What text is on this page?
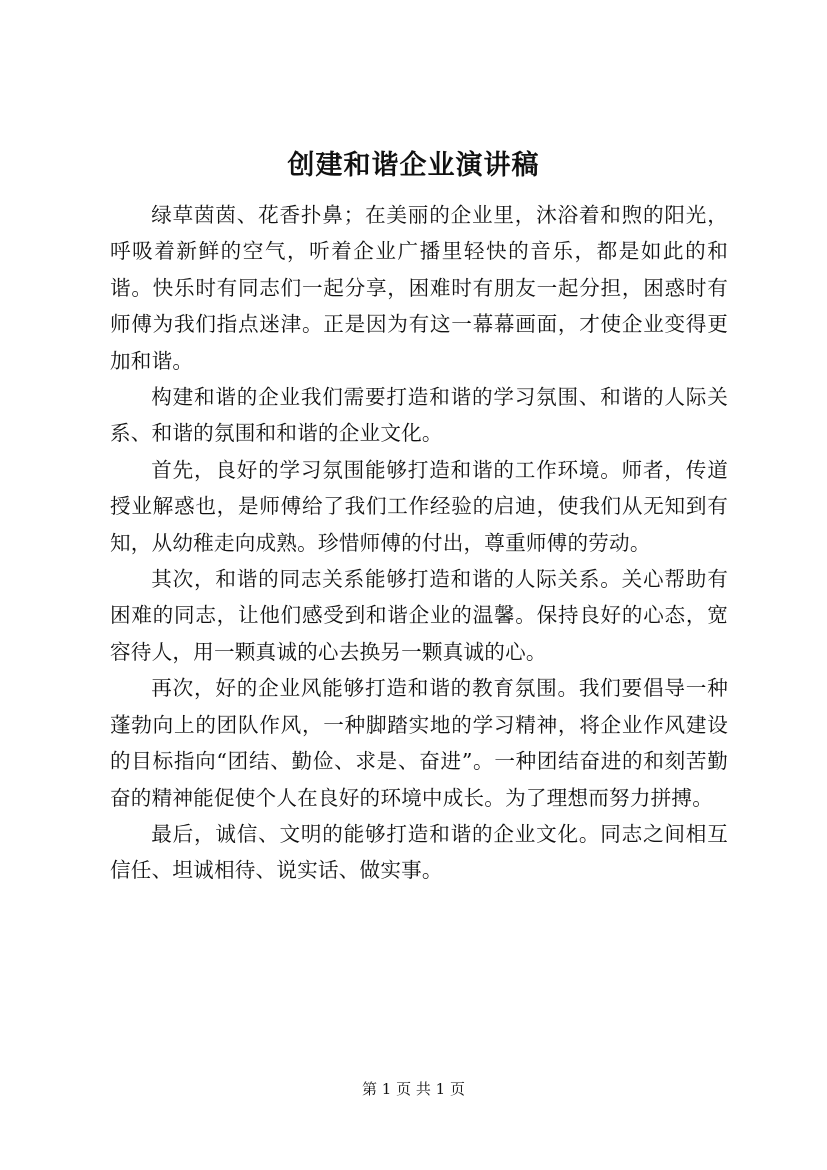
创建和谐企业演讲稿

绿草茵茵、花香扑鼻；在美丽的企业里，沐浴着和煦的阳光，呼吸着新鲜的空气，听着企业广播里轻快的音乐，都是如此的和谐。快乐时有同志们一起分享，困难时有朋友一起分担，困惑时有师傅为我们指点迷津。正是因为有这一幕幕画面，才使企业变得更加和谐。

构建和谐的企业我们需要打造和谐的学习氛围、和谐的人际关系、和谐的氛围和和谐的企业文化。

首先，良好的学习氛围能够打造和谐的工作环境。师者，传道授业解惑也，是师傅给了我们工作经验的启迪，使我们从无知到有知，从幼稚走向成熟。珍惜师傅的付出，尊重师傅的劳动。

其次，和谐的同志关系能够打造和谐的人际关系。关心帮助有困难的同志，让他们感受到和谐企业的温馨。保持良好的心态，宽容待人，用一颗真诚的心去换另一颗真诚的心。

再次，好的企业风能够打造和谐的教育氛围。我们要倡导一种蓬勃向上的团队作风，一种脚踏实地的学习精神，将企业作风建设的目标指向“团结、勤俭、求是、奋进”。一种团结奋进的和刻苦勤奋的精神能促使个人在良好的环境中成长。为了理想而努力拼搏。

最后，诚信、文明的能够打造和谐的企业文化。同志之间相互信任、坦诚相待、说实话、做实事。

第 1 页 共 1 页
